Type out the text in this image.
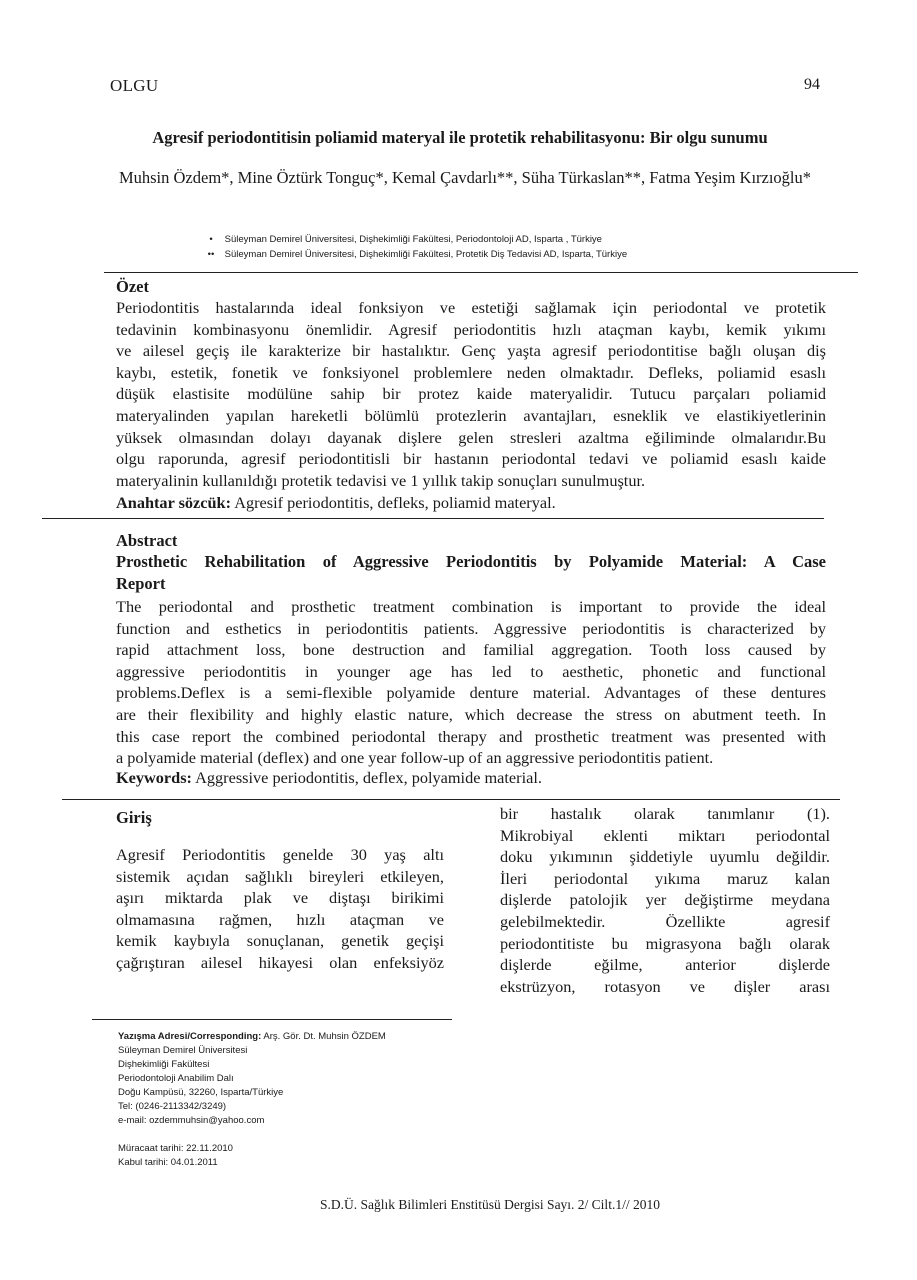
OLGU	94
Agresif periodontitisin poliamid materyal ile protetik rehabilitasyonu: Bir olgu sunumu
Muhsin Özdem*, Mine Öztürk Tonguç*, Kemal Çavdarlı**, Süha Türkaslan**, Fatma Yeşim Kırzıoğlu*
• Süleyman Demirel Üniversitesi, Dişhekimliği Fakültesi, Periodontoloji AD, Isparta , Türkiye
•• Süleyman Demirel Üniversitesi, Dişhekimliği Fakültesi, Protetik Diş Tedavisi AD, Isparta, Türkiye
Özet
Periodontitis hastalarında ideal fonksiyon ve estetiği sağlamak için periodontal ve protetik
tedavinin kombinasyonu önemlidir. Agresif periodontitis hızlı ataçman kaybı, kemik yıkımı
ve ailesel geçiş ile karakterize bir hastalıktır. Genç yaşta agresif periodontitise bağlı oluşan diş
kaybı, estetik, fonetik ve fonksiyonel problemlere neden olmaktadır. Defleks, poliamid esaslı
düşük elastisite modülüne sahip bir protez kaide materyalidir. Tutucu parçaları poliamid
materyalinden yapılan hareketli bölümlü protezlerin avantajları, esneklik ve elastikiyetlerinin
yüksek olmasından dolayı dayanak dişlere gelen stresleri azaltma eğiliminde olmalarıdır.Bu
olgu raporunda, agresif periodontitisli bir hastanın periodontal tedavi ve poliamid esaslı kaide
materyalinin kullanıldığı protetik tedavisi ve 1 yıllık takip sonuçları sunulmuştur.
Anahtar sözcük: Agresif periodontitis, defleks, poliamid materyal.
Abstract
Prosthetic Rehabilitation of Aggressive Periodontitis by Polyamide Material: A Case
Report
The periodontal and prosthetic treatment combination is important to provide the ideal
function and esthetics in periodontitis patients. Aggressive periodontitis is characterized by
rapid attachment loss, bone destruction and familial aggregation. Tooth loss caused by
aggressive periodontitis in younger age has led to aesthetic, phonetic and functional
problems.Deflex is a semi-flexible polyamide denture material. Advantages of these dentures
are their flexibility and highly elastic nature, which decrease the stress on abutment teeth. In
this case report the combined periodontal therapy and prosthetic treatment was presented with
a polyamide material (deflex) and one year follow-up of an aggressive periodontitis patient.
Keywords: Aggressive periodontitis, deflex, polyamide material.
Giriş
Agresif Periodontitis genelde 30 yaş altı
sistemik açıdan sağlıklı bireyleri etkileyen,
aşırı miktarda plak ve diştaşı birikimi
olmamasına rağmen, hızlı ataçman ve
kemik kaybıyla sonuçlanan, genetik geçişi
çağrıştıran ailesel hikayesi olan enfeksiyöz
bir hastalık olarak tanımlanır (1).
Mikrobiyal eklenti miktarı periodontal
doku yıkımının şiddetiyle uyumlu değildir.
İleri periodontal yıkıma maruz kalan
dişlerde patolojik yer değiştirme meydana
gelebilmektedir. Özellikte agresif
periodontitiste bu migrasyona bağlı olarak
dişlerde eğilme, anterior dişlerde
ekstrüzyon, rotasyon ve dişler arası
Yazışma Adresi/Corresponding: Arş. Gör. Dt. Muhsin ÖZDEM
Süleyman Demirel Üniversitesi
Dişhekimliği Fakültesi
Periodontoloji Anabilim Dalı
Doğu Kampüsü, 32260, Isparta/Türkiye
Tel: (0246-2113342/3249)
e-mail: ozdemmuhsin@yahoo.com
Müracaat tarihi: 22.11.2010
Kabul tarihi: 04.01.2011
S.D.Ü. Sağlık Bilimleri Enstitüsü Dergisi Sayı. 2/ Cilt.1// 2010
